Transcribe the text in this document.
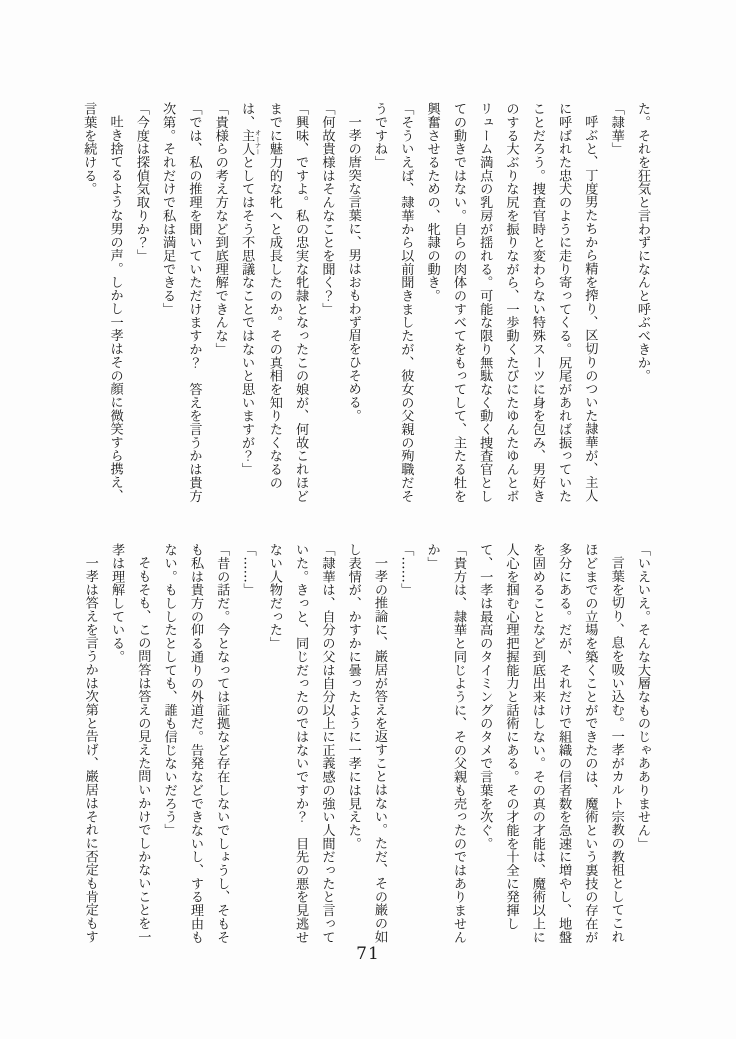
た。それを狂気と言わずになんと呼ぶべきか。
「隷華」
呼ぶと、丁度男たちから精を搾り、区切りのついた隷華が、主人
に呼ばれた忠犬のように走り寄ってくる。尻尾があれば振っていた
ことだろう。捜査官時と変わらない特殊スーツに身を包み、男好き
のする大ぶりな尻を振りながら、一歩動くたびにたゆんたゆんとボ
リューム満点の乳房が揺れる。可能な限り無駄なく動く捜査官とし
ての動きではない。自らの肉体のすべてをもってして、主たる牡を
興奮させるための、牝隷の動き。
「そういえば、隷華から以前聞きましたが、彼女の父親の殉職だそ
うですね」
一孝の唐突な言葉に、男はおもわず眉をひそめる。
「何故貴様はそんなことを聞く？」
「興味、ですよ。私の忠実な牝隷となったこの娘が、何故これほど
までに魅力的な牝へと成長したのか。その真相を知りたくなるの
は、主人 オーナーとしてはそう不思議なことではないと思いますが？」
「貴様らの考え方など到底理解できんな」
「では、私の推理を聞いていただけますか？　答えを言うかは貴方
次第。それだけで私は満足できる」
「今度は探偵気取りか？」
吐き捨てるような男の声。しかし一孝はその顔に微笑すら携え、
言葉を続ける。
「いえいえ。そんな大層なものじゃあありません」
言葉を切り、息を吸い込む。一孝がカルト宗教の教祖としてこれ
ほどまでの立場を築くことができたのは、魔術という裏技の存在が
多分にある。だが、それだけで組織の信者数を急速に増やし、地盤
を固めることなど到底出来はしない。その真の才能は、魔術以上に
人心を掴む心理把握能力と話術にある。その才能を十全に発揮し
て、一孝は最高のタイミングのタメで言葉を次ぐ。
「貴方は、隷華と同じように、その父親も売ったのではありません
か」
「……」
一孝の推論に、巌居が答えを返すことはない。ただ、その巌の如
し表情が、かすかに曇ったように一孝には見えた。
「隷華は、自分の父は自分以上に正義感の強い人間だったと言って
いた。きっと、同じだったのではないですか？　目先の悪を見逃せ
ない人物だった」
「……」
「昔の話だ。今となっては証拠など存在しないでしょうし、そもそ
も私は貴方の仰る通りの外道だ。告発などできないし、する理由も
ない。もししたとしても、誰も信じないだろう」
そもそも、この問答は答えの見えた問いかけでしかないことを一
孝は理解している。
一孝は答えを言うかは次第と告げ、巌居はそれに否定も肯定もす
71
